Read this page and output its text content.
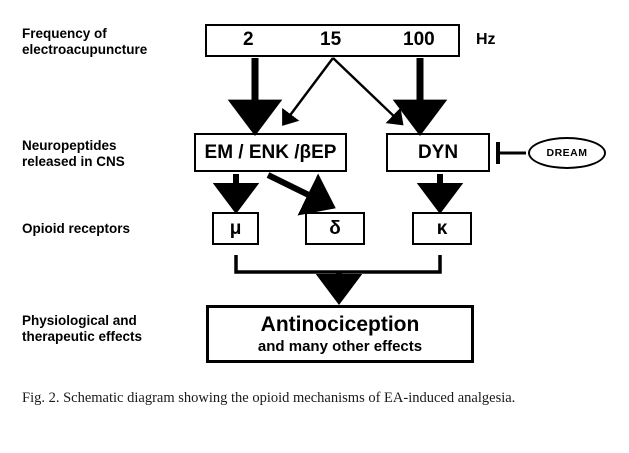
Frequency of
electroacupuncture
Neuropeptides
released in CNS
Opioid receptors
Physiological and
therapeutic effects
2	15	100	Hz
EM / ENK /βEP	DYN	DREAM
μ	δ	κ
Antinociception
and many other effects
Fig. 2. Schematic diagram showing the opioid mechanisms of EA-induced analgesia.
